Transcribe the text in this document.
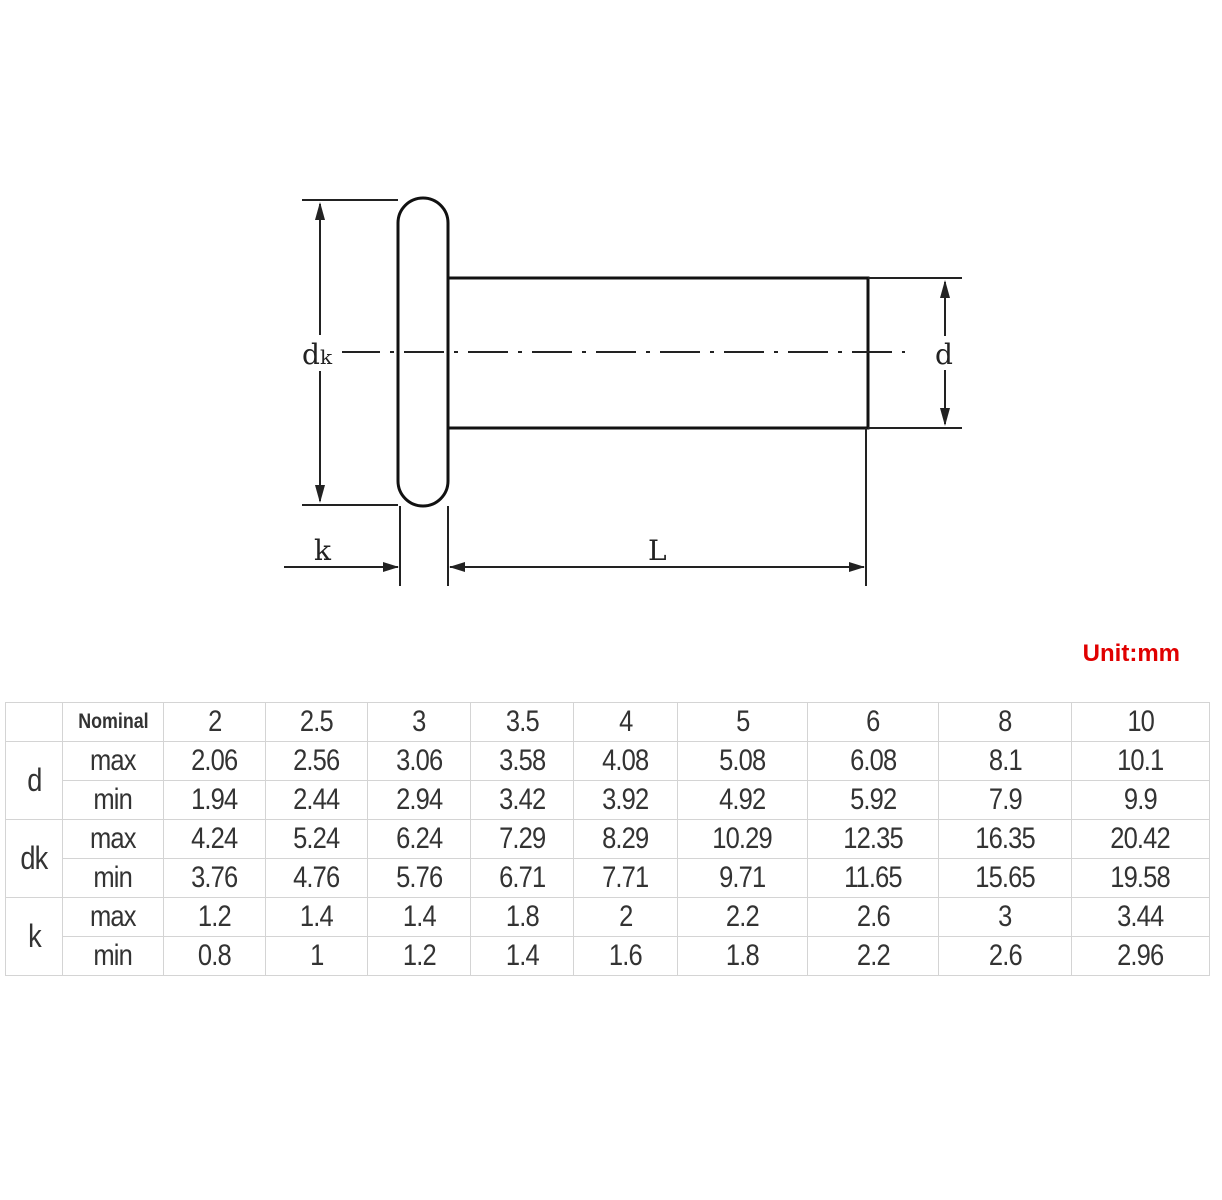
dk	d
k	L
Unit:mm
	Nominal	2	2.5	3	3.5	4	5	6	8	10
d	max	2.06	2.56	3.06	3.58	4.08	5.08	6.08	8.1	10.1
	min	1.94	2.44	2.94	3.42	3.92	4.92	5.92	7.9	9.9
dk	max	4.24	5.24	6.24	7.29	8.29	10.29	12.35	16.35	20.42
	min	3.76	4.76	5.76	6.71	7.71	9.71	11.65	15.65	19.58
k	max	1.2	1.4	1.4	1.8	2	2.2	2.6	3	3.44
	min	0.8	1	1.2	1.4	1.6	1.8	2.2	2.6	2.96
